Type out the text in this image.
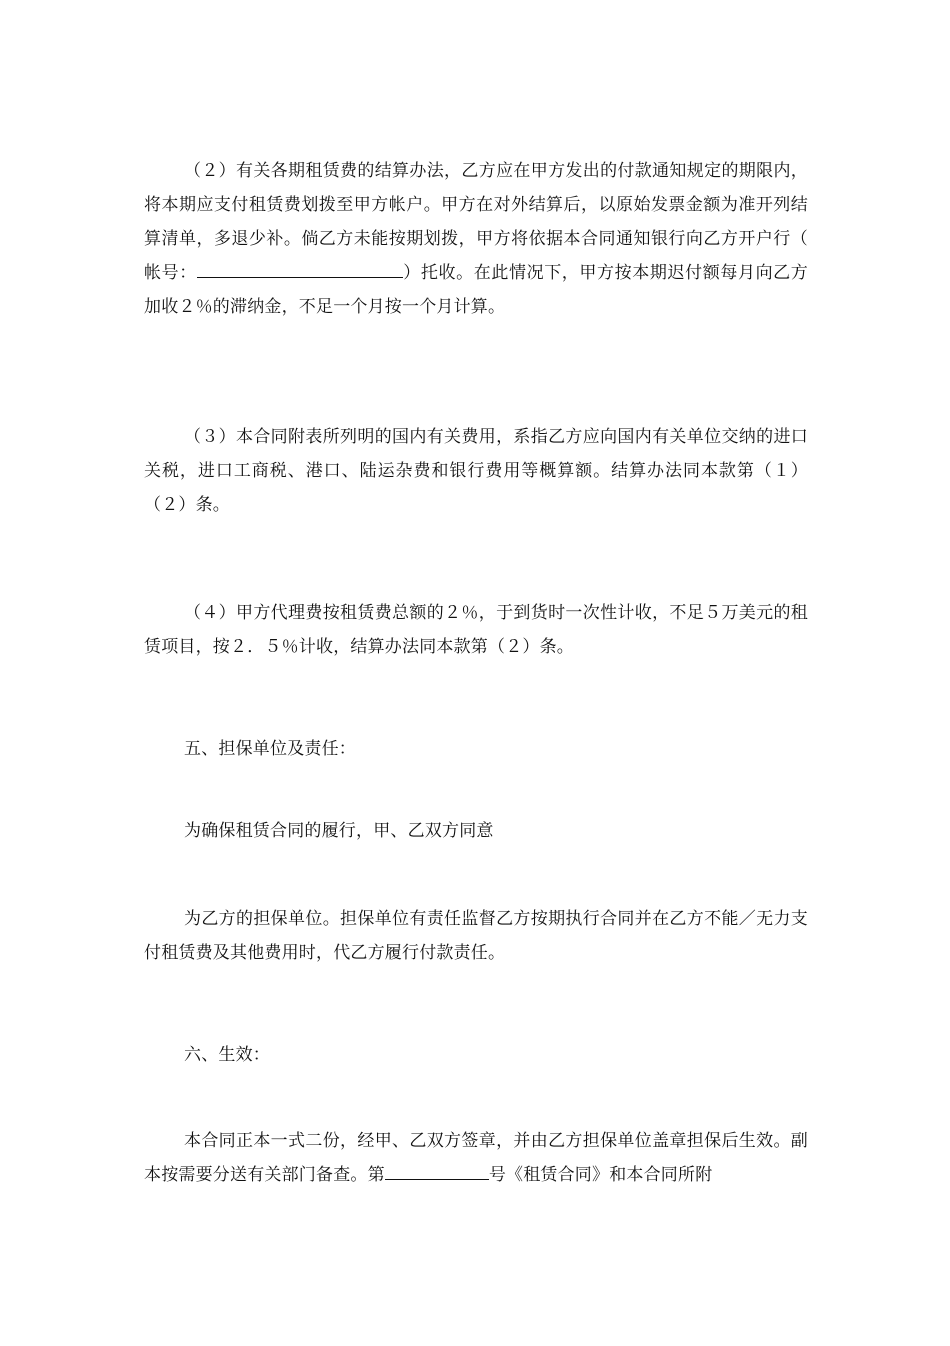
（２）有关各期租赁费的结算办法，乙方应在甲方发出的付款通知规定的期限内，将本期应支付租赁费划拨至甲方帐户。甲方在对外结算后，以原始发票金额为准开列结算清单，多退少补。倘乙方未能按期划拨，甲方将依据本合同通知银行向乙方开户行（ 帐号：	）托收。在此情况下，甲方按本期迟付额每月向乙方加收２％的滞纳金，不足一个月按一个月计算。

（３）本合同附表所列明的国内有关费用，系指乙方应向国内有关单位交纳的进口关税，进口工商税、港口、陆运杂费和银行费用等概算额。结算办法同本款第（１）（２）条。

（４）甲方代理费按租赁费总额的２％，于到货时一次性计收，不足５万美元的租赁项目，按２．５％计收，结算办法同本款第（２）条。

五、担保单位及责任：

为确保租赁合同的履行，甲、乙双方同意

为乙方的担保单位。担保单位有责任监督乙方按期执行合同并在乙方不能／无力支付租赁费及其他费用时，代乙方履行付款责任。

六、生效：

本合同正本一式二份，经甲、乙双方签章，并由乙方担保单位盖章担保后生效。副本按需要分送有关部门备查。第	号《租赁合同》和本合同所附
